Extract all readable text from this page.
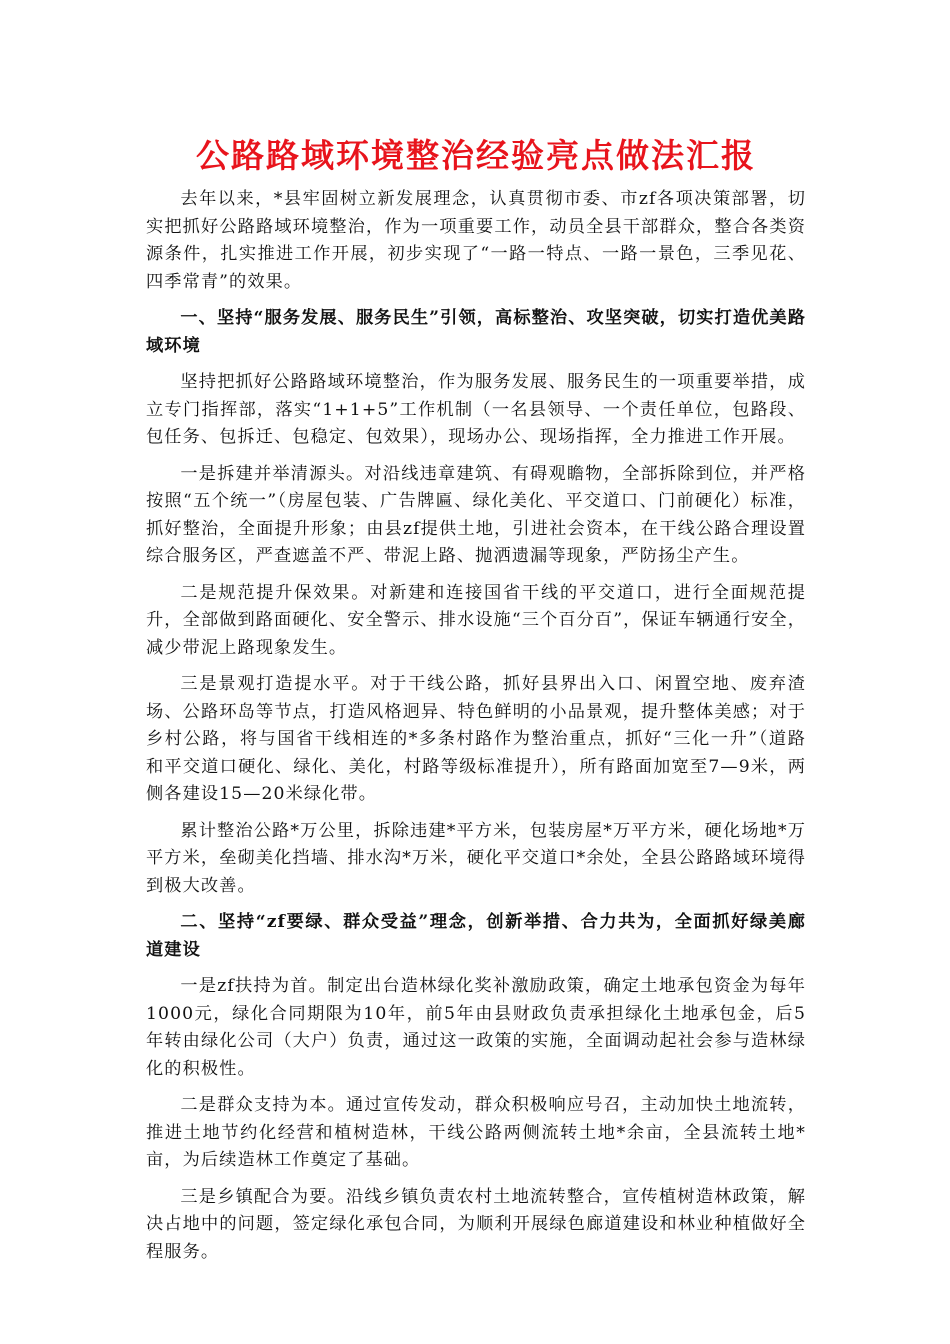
公路路域环境整治经验亮点做法汇报

去年以来，*县牢固树立新发展理念，认真贯彻市委、市zf各项决策部署，切实把抓好公路路域环境整治，作为一项重要工作，动员全县干部群众，整合各类资源条件，扎实推进工作开展，初步实现了“一路一特点、一路一景色，三季见花、四季常青”的效果。

一、坚持“服务发展、服务民生”引领，高标整治、攻坚突破，切实打造优美路域环境

坚持把抓好公路路域环境整治，作为服务发展、服务民生的一项重要举措，成立专门指挥部，落实“1+1+5”工作机制（一名县领导、一个责任单位，包路段、包任务、包拆迁、包稳定、包效果），现场办公、现场指挥，全力推进工作开展。

一是拆建并举清源头。对沿线违章建筑、有碍观瞻物，全部拆除到位，并严格按照“五个统一”（房屋包装、广告牌匾、绿化美化、平交道口、门前硬化）标准，抓好整治，全面提升形象；由县zf提供土地，引进社会资本，在干线公路合理设置综合服务区，严查遮盖不严、带泥上路、抛洒遗漏等现象，严防扬尘产生。

二是规范提升保效果。对新建和连接国省干线的平交道口，进行全面规范提升，全部做到路面硬化、安全警示、排水设施“三个百分百”，保证车辆通行安全，减少带泥上路现象发生。

三是景观打造提水平。对于干线公路，抓好县界出入口、闲置空地、废弃渣场、公路环岛等节点，打造风格迥异、特色鲜明的小品景观，提升整体美感；对于乡村公路，将与国省干线相连的*多条村路作为整治重点，抓好“三化一升”（道路和平交道口硬化、绿化、美化，村路等级标准提升），所有路面加宽至7—9米，两侧各建设15—20米绿化带。

累计整治公路*万公里，拆除违建*平方米，包装房屋*万平方米，硬化场地*万平方米，垒砌美化挡墙、排水沟*万米，硬化平交道口*余处，全县公路路域环境得到极大改善。

二、坚持“zf要绿、群众受益”理念，创新举措、合力共为，全面抓好绿美廊道建设

一是zf扶持为首。制定出台造林绿化奖补激励政策，确定土地承包资金为每年1000元，绿化合同期限为10年，前5年由县财政负责承担绿化土地承包金，后5年转由绿化公司（大户）负责，通过这一政策的实施，全面调动起社会参与造林绿化的积极性。

二是群众支持为本。通过宣传发动，群众积极响应号召，主动加快土地流转，推进土地节约化经营和植树造林，干线公路两侧流转土地*余亩，全县流转土地*亩，为后续造林工作奠定了基础。

三是乡镇配合为要。沿线乡镇负责农村土地流转整合，宣传植树造林政策，解决占地中的问题，签定绿化承包合同，为顺利开展绿色廊道建设和林业种植做好全程服务。
